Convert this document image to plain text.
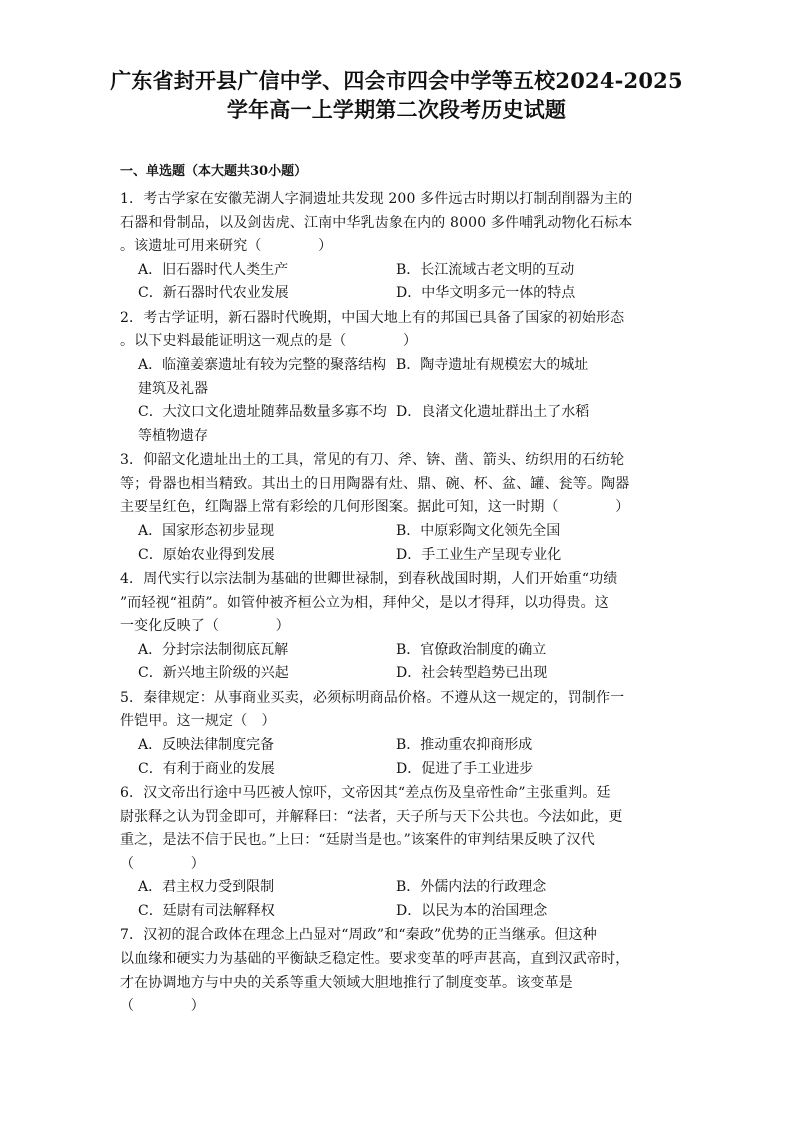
广东省封开县广信中学、四会市四会中学等五校2024-2025
学年高一上学期第二次段考历史试题
一、单选题（本大题共30小题）
1．考古学家在安徽芜湖人字洞遗址共发现 200 多件远古时期以打制刮削器为主的
石器和骨制品，以及剑齿虎、江南中华乳齿象在内的 8000 多件哺乳动物化石标本
。该遗址可用来研究（　　　　）
A．旧石器时代人类生产	B．长江流域古老文明的互动
C．新石器时代农业发展	D．中华文明多元一体的特点
2．考古学证明，新石器时代晚期，中国大地上有的邦国已具备了国家的初始形态
。以下史料最能证明这一观点的是（　　　　）
A．临潼姜寨遗址有较为完整的聚落结构 B．陶寺遗址有规模宏大的城址
建筑及礼器
C．大汶口文化遗址随葬品数量多寡不均 D．良渚文化遗址群出土了水稻
等植物遗存
3．仰韶文化遗址出土的工具，常见的有刀、斧、锛、凿、箭头、纺织用的石纺轮
等；骨器也相当精致。其出土的日用陶器有灶、鼎、碗、杯、盆、罐、瓮等。陶器
主要呈红色，红陶器上常有彩绘的几何形图案。据此可知，这一时期（　　　　）
A．国家形态初步显现	B．中原彩陶文化领先全国
C．原始农业得到发展	D．手工业生产呈现专业化
4．周代实行以宗法制为基础的世卿世禄制，到春秋战国时期，人们开始重“功绩
”而轻视“祖荫”。如管仲被齐桓公立为相，拜仲父，是以才得拜，以功得贵。这
一变化反映了（　　　　）
A．分封宗法制彻底瓦解	B．官僚政治制度的确立
C．新兴地主阶级的兴起	D．社会转型趋势已出现
5．秦律规定：从事商业买卖，必须标明商品价格。不遵从这一规定的，罚制作一
件铠甲。这一规定（　）
A．反映法律制度完备	B．推动重农抑商形成
C．有利于商业的发展	D．促进了手工业进步
6．汉文帝出行途中马匹被人惊吓，文帝因其“差点伤及皇帝性命”主张重判。廷
尉张释之认为罚金即可，并解释曰：“法者，天子所与天下公共也。今法如此，更
重之，是法不信于民也。”上曰：“廷尉当是也。”该案件的审判结果反映了汉代
（　　　　）
A．君主权力受到限制	B．外儒内法的行政理念
C．廷尉有司法解释权	D．以民为本的治国理念
7．汉初的混合政体在理念上凸显对“周政”和“秦政”优势的正当继承。但这种
以血缘和硬实力为基础的平衡缺乏稳定性。要求变革的呼声甚高，直到汉武帝时，
才在协调地方与中央的关系等重大领域大胆地推行了制度变革。该变革是
（　　　　）
